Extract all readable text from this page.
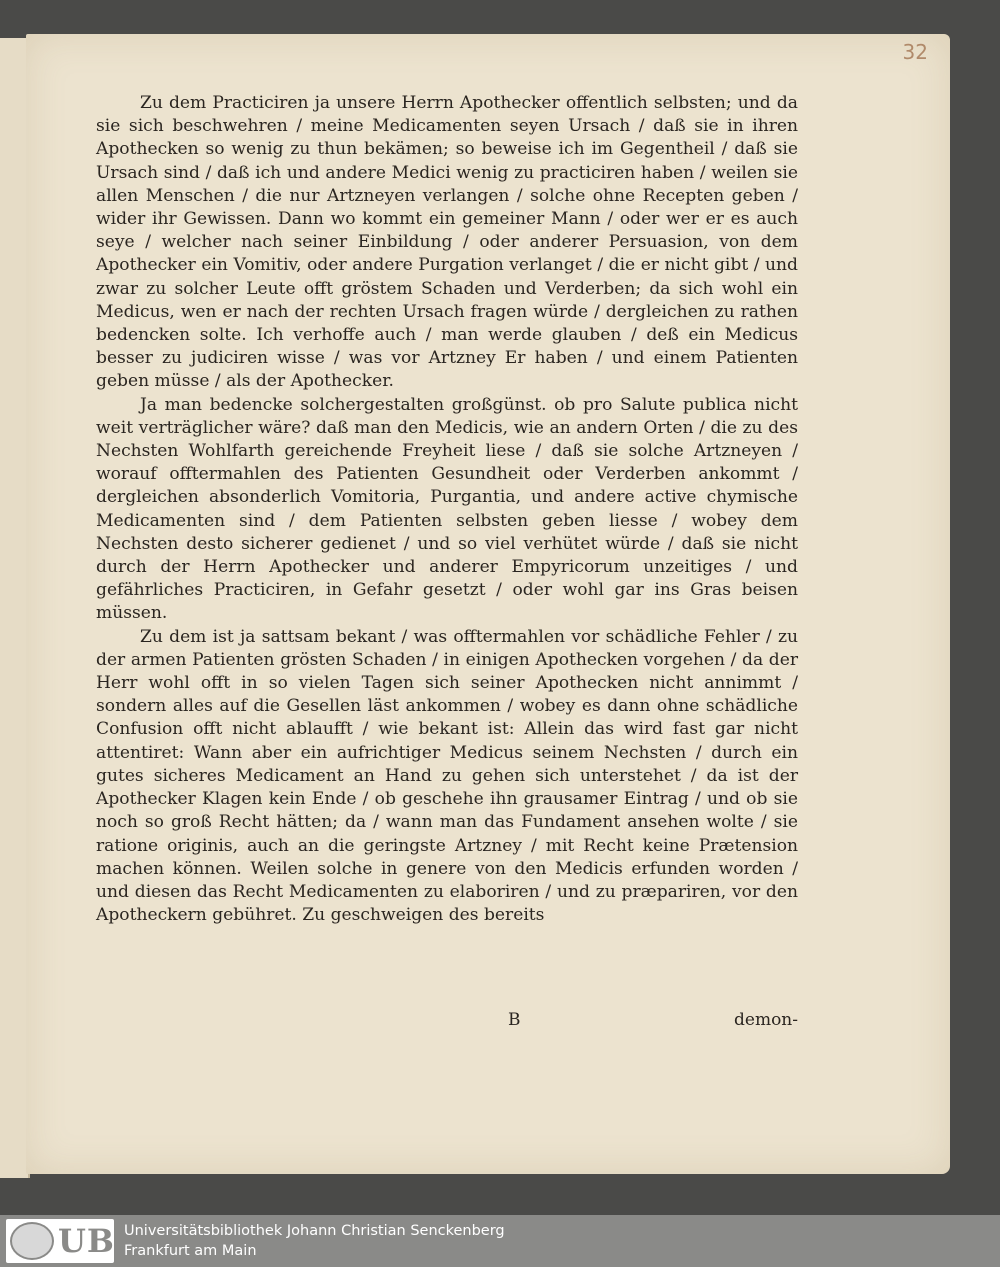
32

Zu dem Practiciren ja unsere Herrn Apothecker offentlich selbsten; und da sie sich beschwehren / meine Medicamenten seyen Ursach / daß sie in ihren Apothecken so wenig zu thun bekämen; so beweise ich im Gegentheil / daß sie Ursach sind / daß ich und andere Medici wenig zu practiciren haben / weilen sie allen Menschen / die nur Artzneyen verlangen / solche ohne Recepten geben / wider ihr Gewissen. Dann wo kommt ein gemeiner Mann / oder wer er es auch seye / welcher nach seiner Einbildung / oder anderer Persuasion, von dem Apothecker ein Vomitiv, oder andere Purgation verlanget / die er nicht gibt / und zwar zu solcher Leute offt gröstem Schaden und Verderben; da sich wohl ein Medicus, wen er nach der rechten Ursach fragen würde / dergleichen zu rathen bedencken solte. Ich verhoffe auch / man werde glauben / deß ein Medicus besser zu judiciren wisse / was vor Artzney Er haben / und einem Patienten geben müsse / als der Apothecker.

Ja man bedencke solchergestalten großgünst. ob pro Salute publica nicht weit verträglicher wäre? daß man den Medicis, wie an andern Orten / die zu des Nechsten Wohlfarth gereichende Freyheit liese / daß sie solche Artzneyen / worauf offtermahlen des Patienten Gesundheit oder Verderben ankommt / dergleichen absonderlich Vomitoria, Purgantia, und andere active chymische Medicamenten sind / dem Patienten selbsten geben liesse / wobey dem Nechsten desto sicherer gedienet / und so viel verhütet würde / daß sie nicht durch der Herrn Apothecker und anderer Empyricorum unzeitiges / und gefährliches Practiciren, in Gefahr gesetzt / oder wohl gar ins Gras beisen müssen.

Zu dem ist ja sattsam bekant / was offtermahlen vor schädliche Fehler / zu der armen Patienten grösten Schaden / in einigen Apothecken vorgehen / da der Herr wohl offt in so vielen Tagen sich seiner Apothecken nicht annimmt / sondern alles auf die Gesellen läst ankommen / wobey es dann ohne schädliche Confusion offt nicht ablaufft / wie bekant ist: Allein das wird fast gar nicht attentiret: Wann aber ein aufrichtiger Medicus seinem Nechsten / durch ein gutes sicheres Medicament an Hand zu gehen sich unterstehet / da ist der Apothecker Klagen kein Ende / ob geschehe ihn grausamer Eintrag / und ob sie noch so groß Recht hätten; da / wann man das Fundament ansehen wolte / sie ratione originis, auch an die geringste Artzney / mit Recht keine Prætension machen können. Weilen solche in genere von den Medicis erfunden worden / und diesen das Recht Medicamenten zu elaboriren / und zu præpariren, vor den Apotheckern gebühret. Zu geschweigen des bereits

B	demon-
UB Universitätsbibliothek Johann Christian Senckenberg
Frankfurt am Main
